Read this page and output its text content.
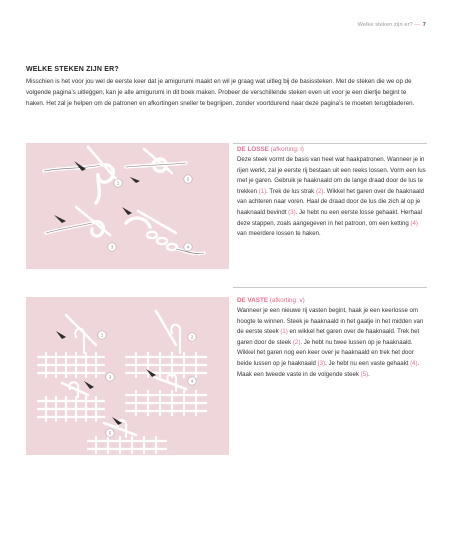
Welke steken zijn er? — 7
WELKE STEKEN ZIJN ER?
Misschien is het voor jou wel de eerste keer dat je amigurumi maakt en wil je graag wat uitleg bij de basissteken. Met de steken die we op de volgende pagina’s uitleggen, kan je alle amigurumi in dit boek maken. Probeer de verschillende steken even uit voor je een diertje begint te haken. Het zal je helpen om de patronen en afkortingen sneller te begrijpen, zonder voortdurend naar deze pagina’s te moeten terugbladeren.
1
2
3	4
DE LOSSE (afkorting: l)
Deze steek vormt de basis van heel wat haakpatronen. Wanneer je in rijen werkt, zal je eerste rij bestaan uit een reeks lossen. Vorm een lus met je garen. Gebruik je haaknaald om de lange draad door de lus te trekken (1). Trek de lus strak (2). Wikkel het garen over de haaknaald van achteren naar voren. Haal de draad door de lus die zich al op je haaknaald bevindt (3). Je hebt nu een eerste losse gehaakt. Herhaal deze stappen, zoals aangegeven in het patroon, om een ketting (4) van meerdere lossen te haken.
1	2
3
4
5
DE VASTE (afkorting: v)
Wanneer je een nieuwe rij vasten begint, haak je een keerlosse om hoogte te winnen. Steek je haaknaald in het gaatje in het midden van de eerste steek (1) en wikkel het garen over de haaknaald. Trek het garen door de steek (2). Je hebt nu twee lussen op je haaknaald. Wikkel het garen nog een keer over je haaknaald en trek het door beide lussen op je haaknaald (3). Je hebt nu een vaste gehaakt (4). Maak een tweede vaste in de volgende steek (5).
